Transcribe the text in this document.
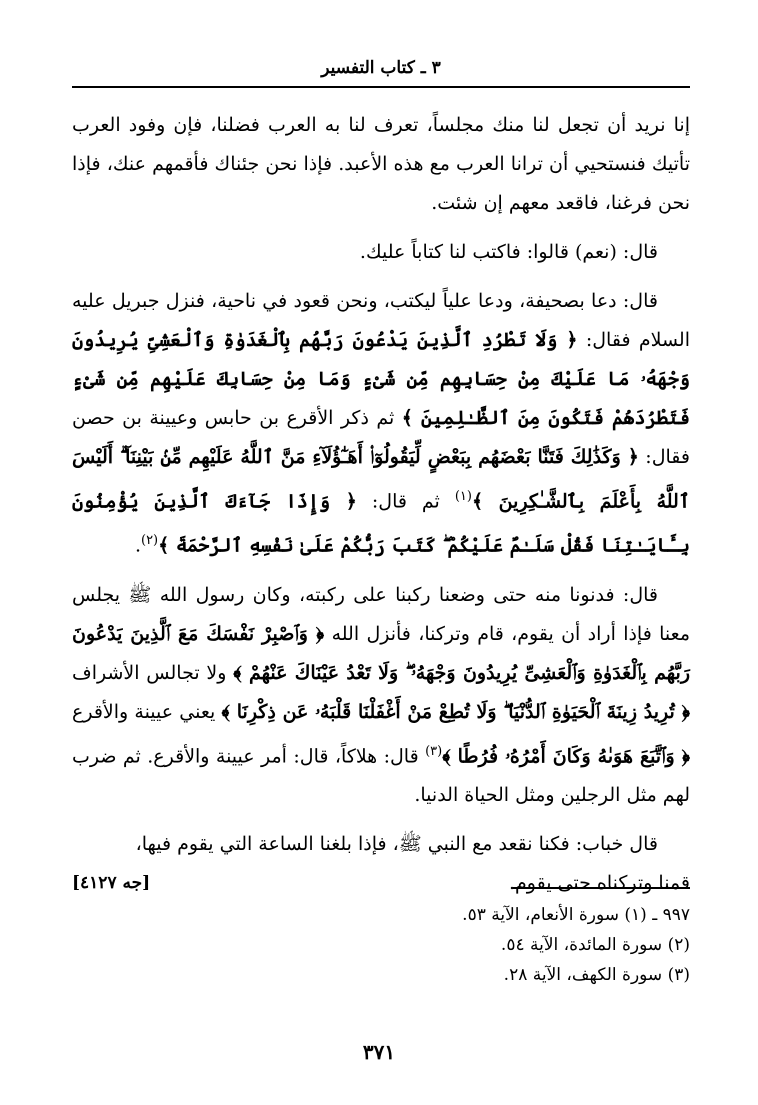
٣ ـ كتاب التفسير

إنا نريد أن تجعل لنا منك مجلساً، تعرف لنا به العرب فضلنا، فإن وفود العرب تأتيك فنستحيي أن ترانا العرب مع هذه الأعبد. فإذا نحن جئناك فأقمهم عنك، فإذا نحن فرغنا، فاقعد معهم إن شئت.

قال: (نعم) قالوا: فاكتب لنا كتاباً عليك.

قال: دعا بصحيفة، ودعا علياً ليكتب، ونحن قعود في ناحية، فنزل جبريل عليه السلام فقال: ﴿ وَلَا تَطْرُدِ ٱلَّذِينَ يَدْعُونَ رَبَّهُم بِٱلْغَدَوٰةِ وَٱلْعَشِىِّ يُرِيدُونَ وَجْهَهُۥ مَا عَلَيْكَ مِنْ حِسَابِهِم مِّن شَىْءٍ وَمَا مِنْ حِسَابِكَ عَلَيْهِم مِّن شَىْءٍ فَتَطْرُدَهُمْ فَتَكُونَ مِنَ ٱلظَّـٰلِمِينَ ﴾ ثم ذكر الأقرع بن حابس وعيينة بن حصن فقال: ﴿ وَكَذَٰلِكَ فَتَنَّا بَعْضَهُم بِبَعْضٍ لِّيَقُولُوٓا۟ أَهَـٰٓؤُلَآءِ مَنَّ ٱللَّهُ عَلَيْهِم مِّنۢ بَيْنِنَآ ۗ أَلَيْسَ ٱللَّهُ بِأَعْلَمَ بِٱلشَّـٰكِرِينَ ﴾$^{(١)}$ ثم قال: ﴿ وَإِذَا جَآءَكَ ٱلَّذِينَ يُؤْمِنُونَ بِـَٔايَـٰتِنَا فَقُلْ سَلَـٰمٌ عَلَيْكُمْ ۖ كَتَبَ رَبُّكُمْ عَلَىٰ نَفْسِهِ ٱلرَّحْمَةَ ﴾$^{(٢)}$.

قال: فدنونا منه حتى وضعنا ركبنا على ركبته، وكان رسول الله ﷺ يجلس معنا فإذا أراد أن يقوم، قام وتركنا، فأنزل الله ﴿ وَٱصْبِرْ نَفْسَكَ مَعَ ٱلَّذِينَ يَدْعُونَ رَبَّهُم بِٱلْغَدَوٰةِ وَٱلْعَشِىِّ يُرِيدُونَ وَجْهَهُۥ ۖ وَلَا تَعْدُ عَيْنَاكَ عَنْهُمْ ﴾ ولا تجالس الأشراف ﴿ تُرِيدُ زِينَةَ ٱلْحَيَوٰةِ ٱلدُّنْيَا ۖ وَلَا تُطِعْ مَنْ أَغْفَلْنَا قَلْبَهُۥ عَن ذِكْرِنَا ﴾ يعني عيينة والأقرع ﴿ وَٱتَّبَعَ هَوَىٰهُ وَكَانَ أَمْرُهُۥ فُرُطًا ﴾$^{(٣)}$ قال: هلاكاً، قال: أمر عيينة والأقرع. ثم ضرب لهم مثل الرجلين ومثل الحياة الدنيا.

قال خباب: فكنا نقعد مع النبي ﷺ، فإذا بلغنا الساعة التي يقوم فيها،
قمنا وتركناه حتى يقوم.
[جه ٤١٢٧]

٩٩٧ ـ (١) سورة الأنعام، الآية ٥٣.
(٢) سورة المائدة، الآية ٥٤.
(٣) سورة الكهف، الآية ٢٨.
٣٧١
